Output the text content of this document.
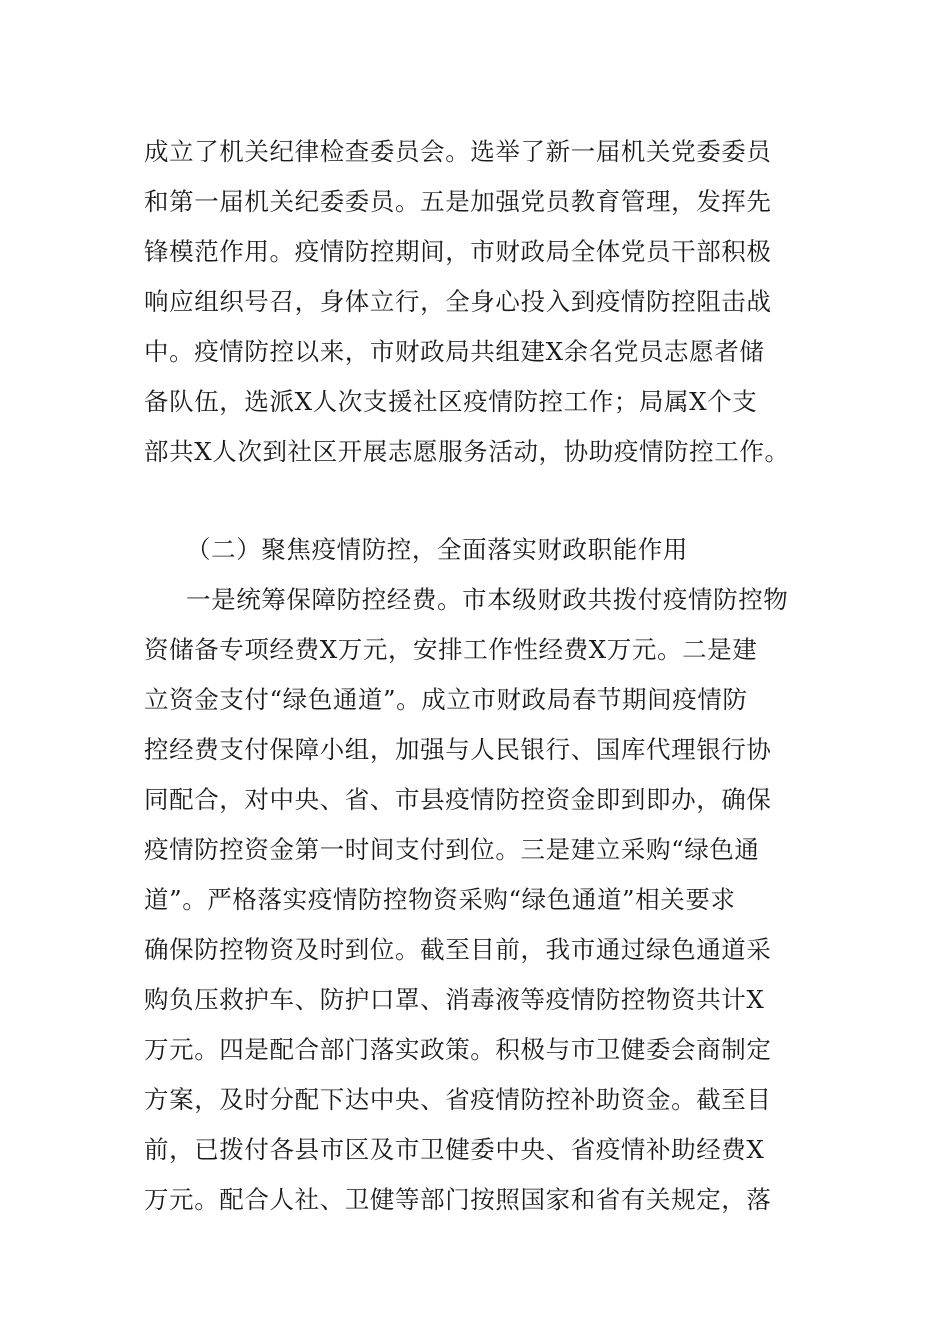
成立了机关纪律检查委员会。选举了新一届机关党委委员
和第一届机关纪委委员。五是加强党员教育管理，发挥先
锋模范作用。疫情防控期间，市财政局全体党员干部积极
响应组织号召，身体立行，全身心投入到疫情防控阻击战
中。疫情防控以来，市财政局共组建X余名党员志愿者储
备队伍，选派X人次支援社区疫情防控工作；局属X个支
部共X人次到社区开展志愿服务活动，协助疫情防控工作。
（二）聚焦疫情防控，全面落实财政职能作用
一是统筹保障防控经费。市本级财政共拨付疫情防控物
资储备专项经费X万元，安排工作性经费X万元。二是建
立资金支付“绿色通道”。成立市财政局春节期间疫情防
控经费支付保障小组，加强与人民银行、国库代理银行协
同配合，对中央、省、市县疫情防控资金即到即办，确保
疫情防控资金第一时间支付到位。三是建立采购“绿色通
道”。严格落实疫情防控物资采购“绿色通道”相关要求
确保防控物资及时到位。截至目前，我市通过绿色通道采
购负压救护车、防护口罩、消毒液等疫情防控物资共计X
万元。四是配合部门落实政策。积极与市卫健委会商制定
方案，及时分配下达中央、省疫情防控补助资金。截至目
前，已拨付各县市区及市卫健委中央、省疫情补助经费X
万元。配合人社、卫健等部门按照国家和省有关规定，落
